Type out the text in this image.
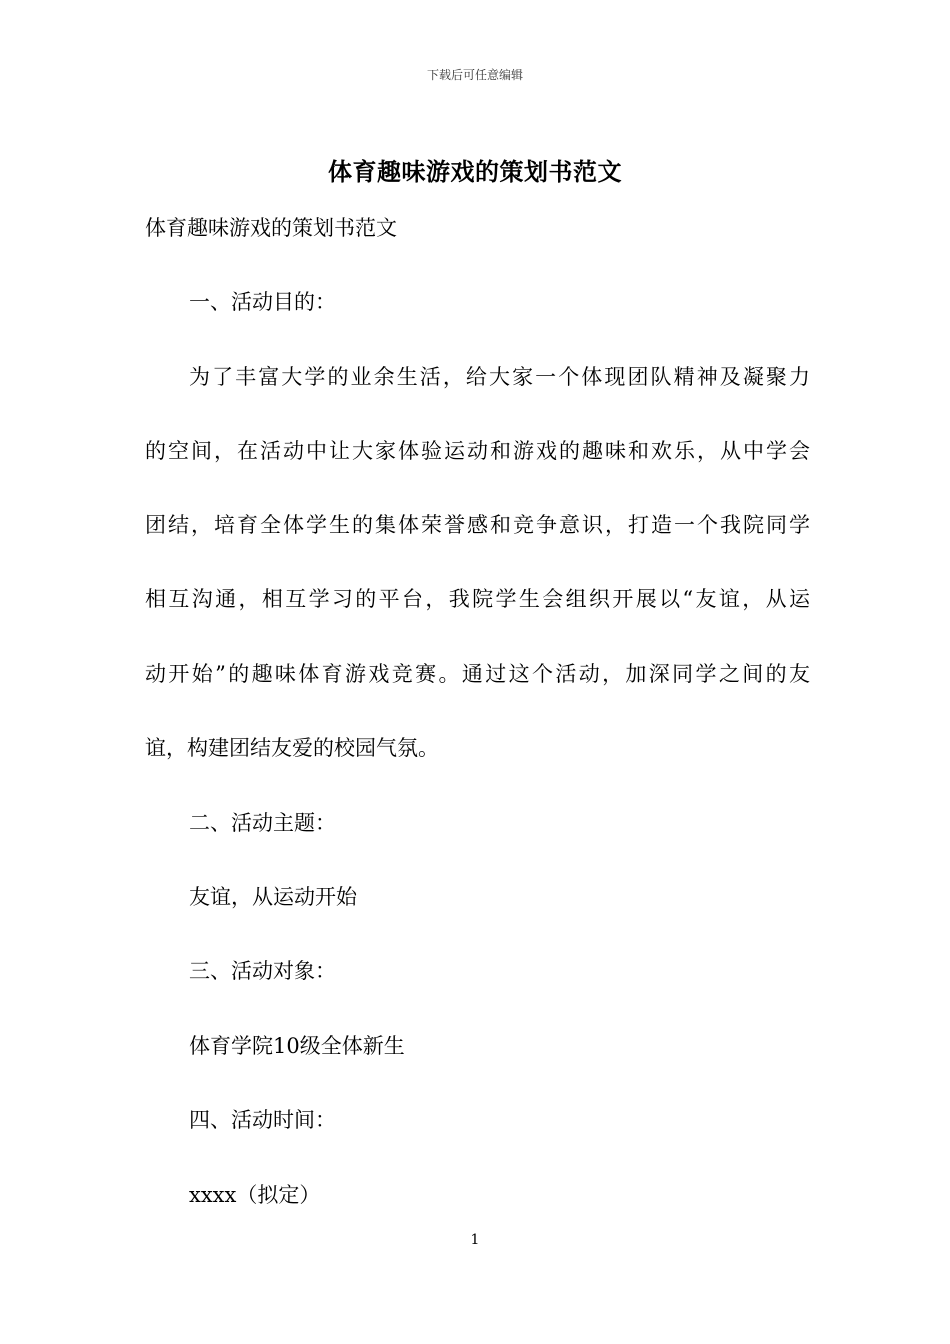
下载后可任意编辑
体育趣味游戏的策划书范文
体育趣味游戏的策划书范文
一、活动目的：
为了丰富大学的业余生活，给大家一个体现团队精神及凝聚力
的空间，在活动中让大家体验运动和游戏的趣味和欢乐，从中学会
团结，培育全体学生的集体荣誉感和竞争意识，打造一个我院同学
相互沟通，相互学习的平台，我院学生会组织开展以“友谊，从运
动开始”的趣味体育游戏竞赛。通过这个活动，加深同学之间的友
谊，构建团结友爱的校园气氛。
二、活动主题：
友谊，从运动开始
三、活动对象：
体育学院10级全体新生
四、活动时间：
xxxx（拟定）
1
